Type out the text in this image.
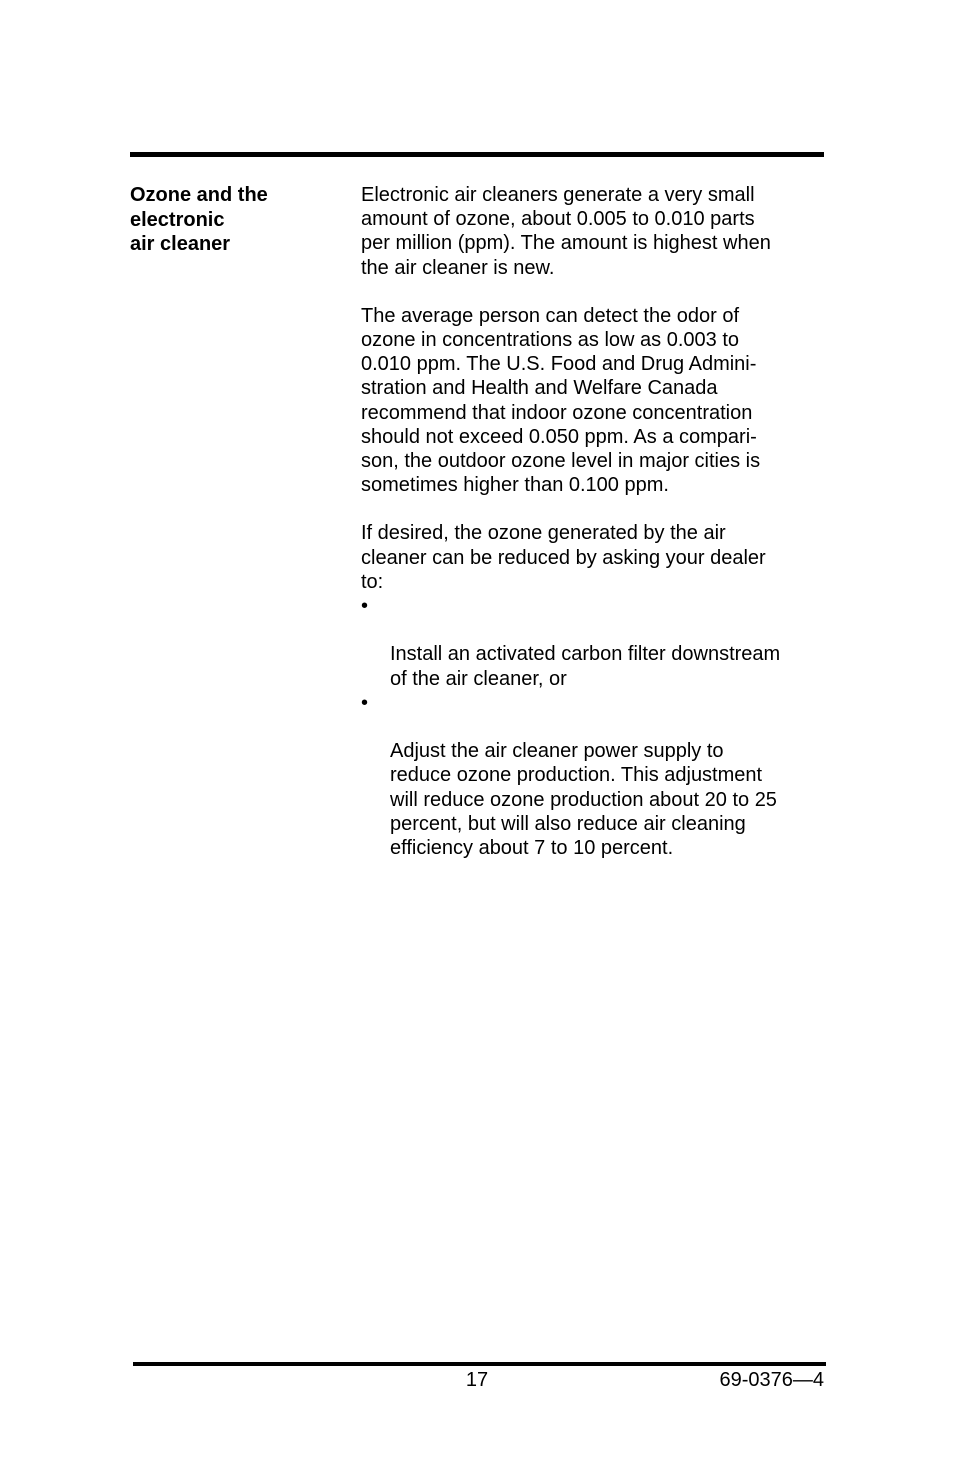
Ozone and the
electronic
air cleaner

Electronic air cleaners generate a very small
amount of ozone, about 0.005 to 0.010 parts
per million (ppm). The amount is highest when
the air cleaner is new.

The average person can detect the odor of
ozone in concentrations as low as 0.003 to
0.010 ppm. The U.S. Food and Drug Admini-
stration and Health and Welfare Canada
recommend that indoor ozone concentration
should not exceed 0.050 ppm. As a compari-
son, the outdoor ozone level in major cities is
sometimes higher than 0.100 ppm.

If desired, the ozone generated by the air
cleaner can be reduced by asking your dealer
to:

•

Install an activated carbon filter downstream
of the air cleaner, or

•

Adjust the air cleaner power supply to
reduce ozone production. This adjustment
will reduce ozone production about 20 to 25
percent, but will also reduce air cleaning
efficiency about 7 to 10 percent.

17	69-0376—4
